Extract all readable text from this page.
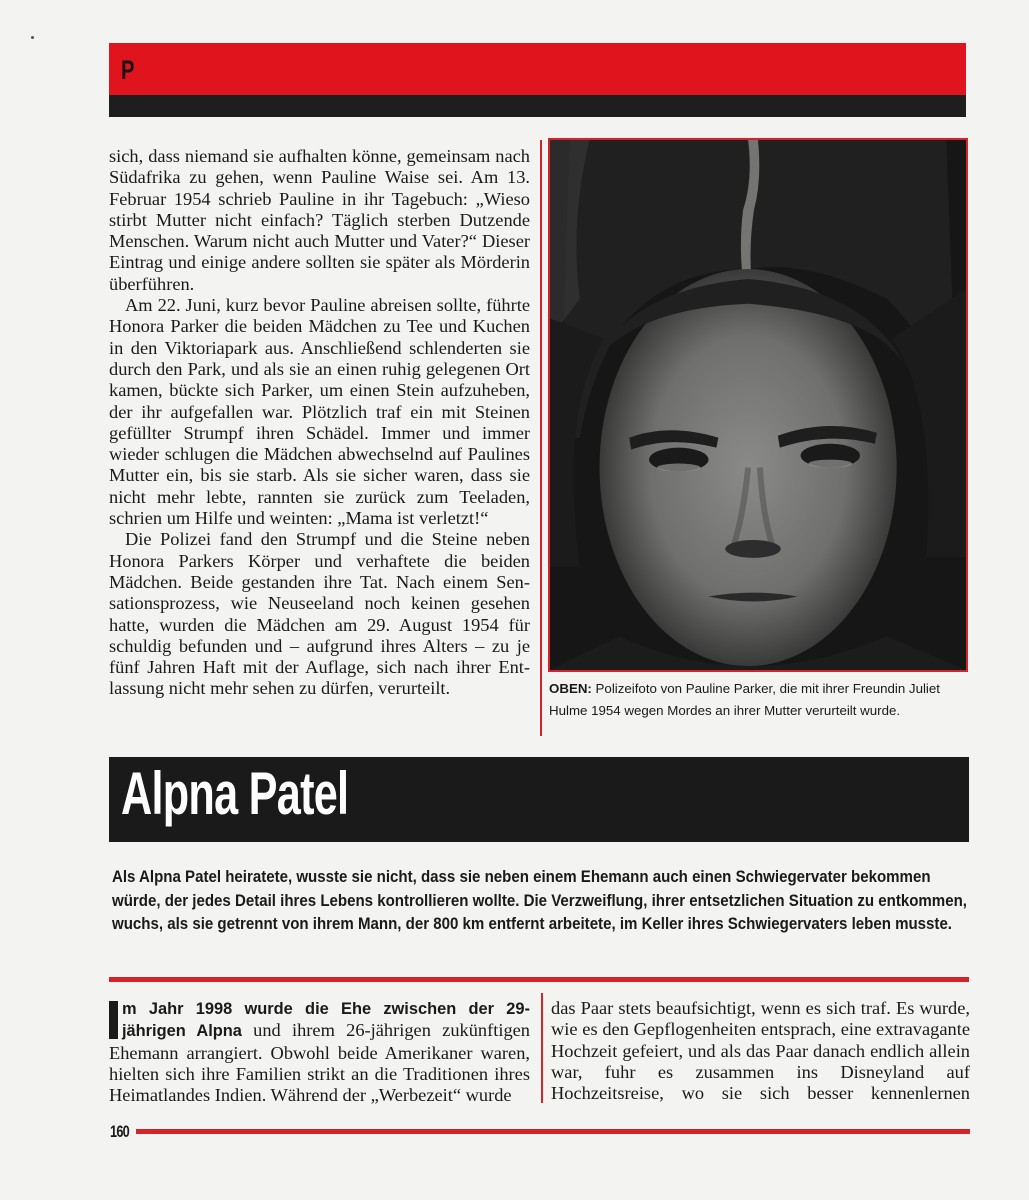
P

sich, dass niemand sie aufhalten könne, gemeinsam nach Südafrika zu gehen, wenn Pauline Waise sei. Am 13. Februar 1954 schrieb Pauline in ihr Tagebuch: „Wieso stirbt Mutter nicht einfach? Täglich sterben Dutzende Menschen. Warum nicht auch Mutter und Vater?“ Dieser Eintrag und einige andere sollten sie später als Mörderin überführen.

Am 22. Juni, kurz bevor Pauline abreisen sollte, führte Honora Parker die beiden Mädchen zu Tee und Kuchen in den Viktoriapark aus. Anschließend schlenderten sie durch den Park, und als sie an einen ruhig gelegenen Ort kamen, bückte sich Parker, um einen Stein aufzuheben, der ihr aufgefallen war. Plötzlich traf ein mit Steinen gefüllter Strumpf ihren Schädel. Immer und immer wieder schlugen die Mädchen abwechselnd auf Paulines Mutter ein, bis sie starb. Als sie sicher waren, dass sie nicht mehr lebte, rannten sie zurück zum Teeladen, schrien um Hilfe und weinten: „Mama ist verletzt!“

Die Polizei fand den Strumpf und die Steine neben Honora Parkers Körper und verhaftete die beiden Mädchen. Beide gestanden ihre Tat. Nach einem Sensationsprozess, wie Neuseeland noch keinen gesehen hatte, wurden die Mädchen am 29. August 1954 für schuldig befunden und – aufgrund ihres Alters – zu je fünf Jahren Haft mit der Auflage, sich nach ihrer Entlassung nicht mehr sehen zu dürfen, verurteilt.	OBEN: Polizeifoto von Pauline Parker, die mit ihrer Freundin Juliet Hulme 1954 wegen Mordes an ihrer Mutter verurteilt wurde.
Alpna Patel

Als Alpna Patel heiratete, wusste sie nicht, dass sie neben einem Ehemann auch einen Schwiegervater bekommen würde, der jedes Detail ihres Lebens kontrollieren wollte. Die Verzweiflung, ihrer entsetzlichen Situation zu entkommen, wuchs, als sie getrennt von ihrem Mann, der 800 km entfernt arbeitete, im Keller ihres Schwiegervaters leben musste.

m Jahr 1998 wurde die Ehe zwischen der 29-jährigen Alpna und ihrem 26-jährigen zukünftigen Ehemann arrangiert. Obwohl beide Amerikaner waren, hielten sich ihre Familien strikt an die Traditionen ihres Heimatlandes Indien. Während der „Werbezeit“ wurde
das Paar stets beaufsichtigt, wenn es sich traf. Es wurde, wie es den Gepflogenheiten entsprach, eine extravagante Hochzeit gefeiert, und als das Paar danach endlich allein war, fuhr es zusammen ins Disneyland auf Hochzeitsreise, wo sie sich besser kennenlernen
160
